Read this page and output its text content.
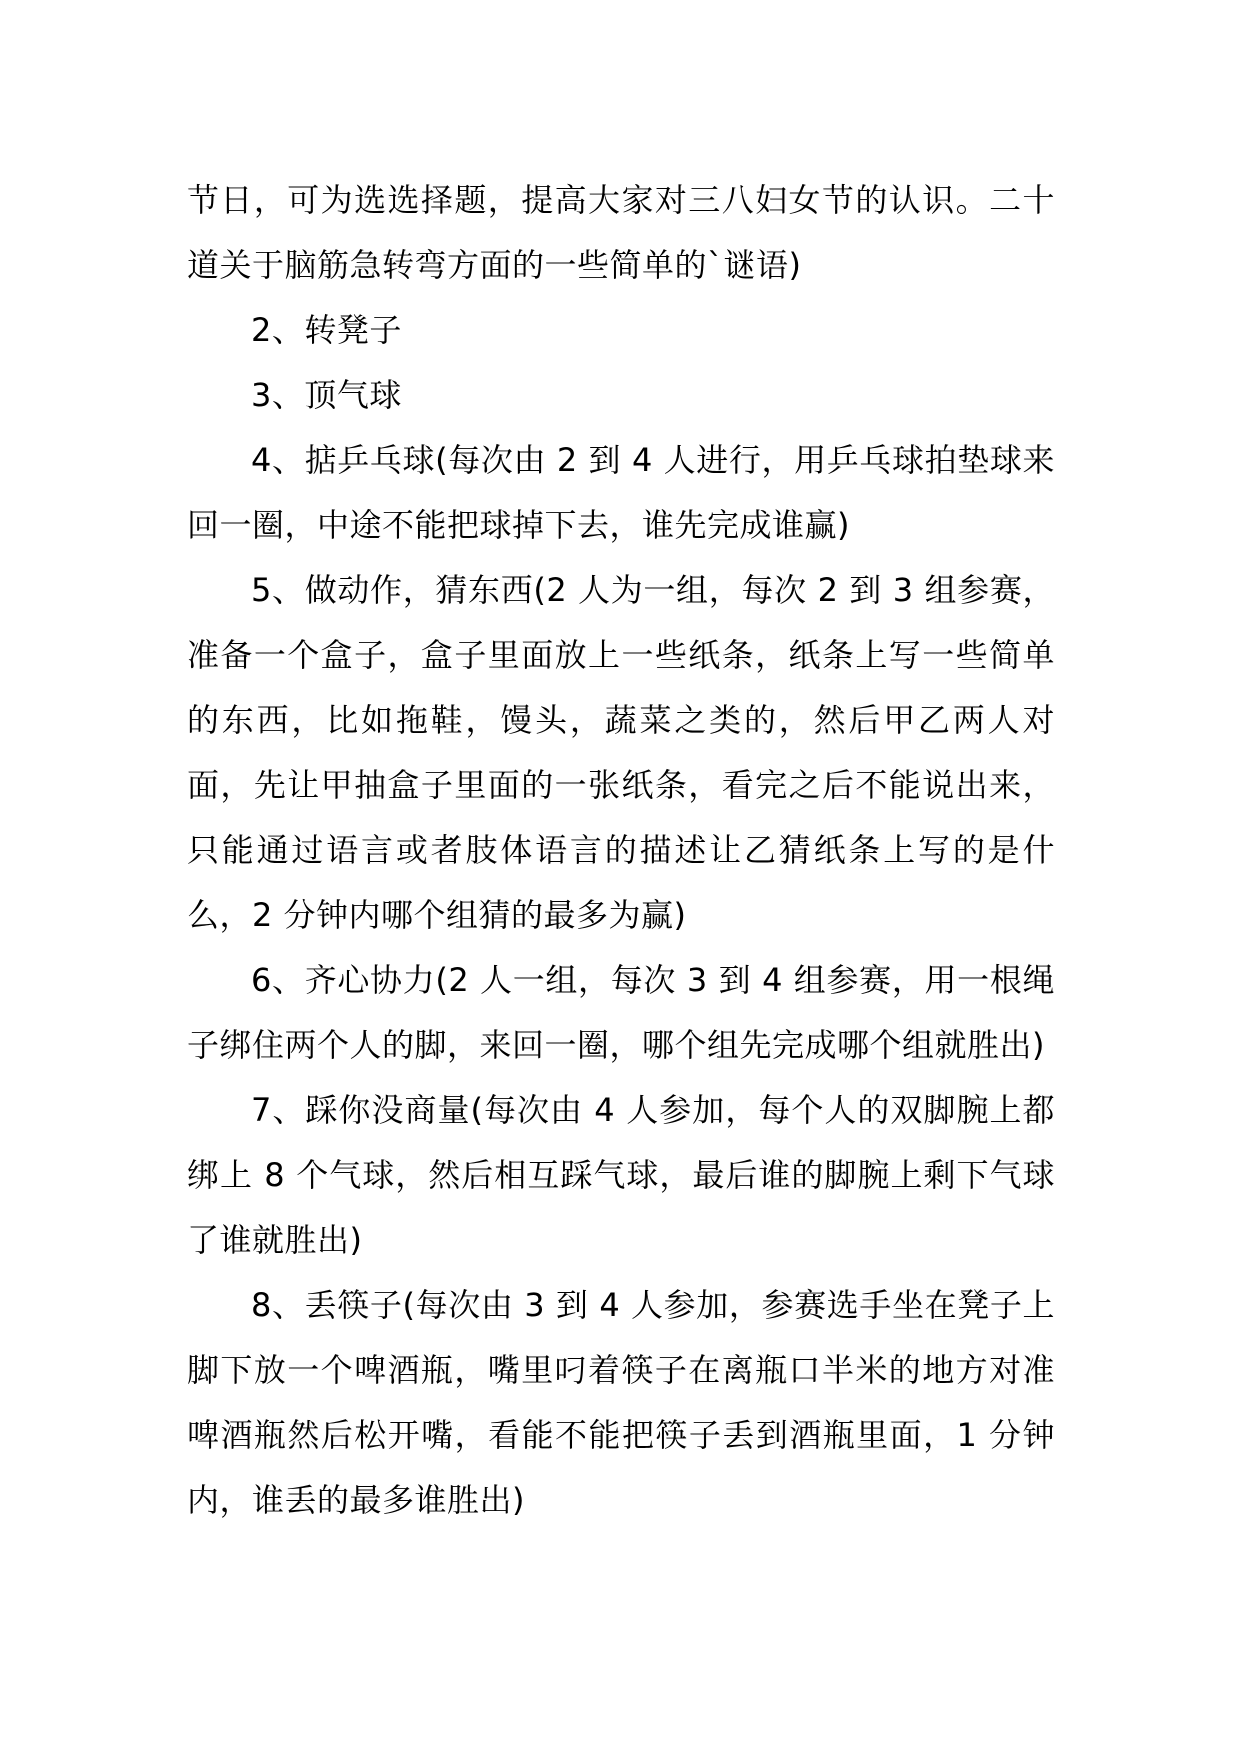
节日，可为选选择题，提高大家对三八妇女节的认识。二十道关于脑筋急转弯方面的一些简单的`谜语)

2、转凳子

3、顶气球

4、掂乒乓球(每次由 2 到 4 人进行，用乒乓球拍垫球来回一圈，中途不能把球掉下去，谁先完成谁赢)

5、做动作，猜东西(2 人为一组，每次 2 到 3 组参赛，准备一个盒子，盒子里面放上一些纸条，纸条上写一些简单的东西，比如拖鞋，馒头，蔬菜之类的，然后甲乙两人对面，先让甲抽盒子里面的一张纸条，看完之后不能说出来，只能通过语言或者肢体语言的描述让乙猜纸条上写的是什么，2 分钟内哪个组猜的最多为赢)

6、齐心协力(2 人一组，每次 3 到 4 组参赛，用一根绳子绑住两个人的脚，来回一圈，哪个组先完成哪个组就胜出)

7、踩你没商量(每次由 4 人参加，每个人的双脚腕上都绑上 8 个气球，然后相互踩气球，最后谁的脚腕上剩下气球了谁就胜出)

8、丢筷子(每次由 3 到 4 人参加，参赛选手坐在凳子上脚下放一个啤酒瓶，嘴里叼着筷子在离瓶口半米的地方对准啤酒瓶然后松开嘴，看能不能把筷子丢到酒瓶里面，1 分钟内，谁丢的最多谁胜出)
